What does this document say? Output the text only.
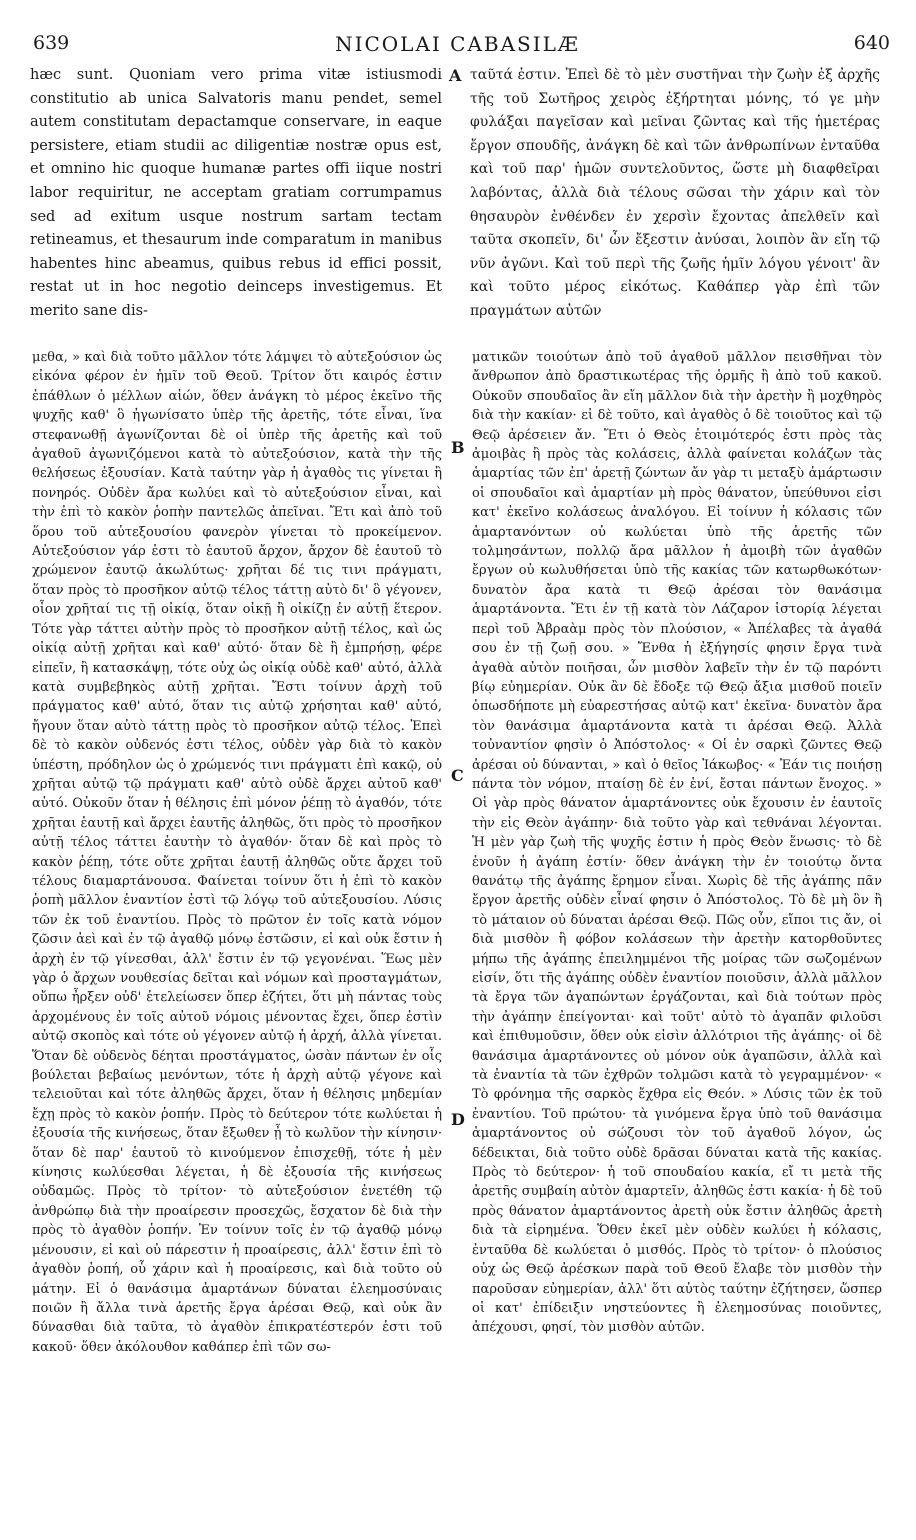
639	NICOLAI CABASILÆ	640

hæc sunt. Quoniam vero prima vitæ istiusmodi constitutio ab unica Salvatoris manu pendet, semel autem constitutam depactamque conservare, in eaque persistere, etiam studii ac diligentiæ nostræ opus est, et omnino hic quoque humanæ partes offi iique nostri labor requiritur, ne acceptam gratiam corrumpamus sed ad exitum usque nostrum sartam tectam retineamus, et thesaurum inde comparatum in manibus habentes hinc abeamus, quibus rebus id effici possit, restat ut in hoc negotio deinceps investigemus. Et merito sane dis-

A ταῦτά ἐστιν. Ἐπεὶ δὲ τὸ μὲν συστῆναι τὴν ζωὴν ἐξ ἀρχῆς τῆς τοῦ Σωτῆρος χειρὸς ἐξήρτηται μόνης, τό γε μὴν φυλάξαι παγεῖσαν καὶ μεῖναι ζῶντας καὶ τῆς ἡμετέρας ἔργον σπουδῆς, ἀνάγκη δὲ καὶ τῶν ἀνθρωπίνων ἐνταῦθα καὶ τοῦ παρ' ἡμῶν συντελοῦντος, ὥστε μὴ διαφθεῖραι λαβόντας, ἀλλὰ διὰ τέλους σῶσαι τὴν χάριν καὶ τὸν θησαυρὸν ἐνθένδεν ἐν χερσὶν ἔχοντας ἀπελθεῖν καὶ ταῦτα σκοπεῖν, δι' ὧν ἔξεστιν ἀνύσαι, λοιπὸν ἂν εἴη τῷ νῦν ἀγῶνι. Καὶ τοῦ περὶ τῆς ζωῆς ἡμῖν λόγου γένοιτ' ἂν καὶ τοῦτο μέρος εἰκότως. Καθάπερ γὰρ ἐπὶ τῶν πραγμάτων αὐτῶν

μεθα, » καὶ διὰ τοῦτο μᾶλλον τότε λάμψει τὸ αὐτεξούσιον ὡς εἰκόνα φέρον ἐν ἡμῖν τοῦ Θεοῦ. Τρίτον ὅτι καιρός ἐστιν ἐπάθλων ὁ μέλλων αἰών, ὅθεν ἀνάγκη τὸ μέρος ἐκεῖνο τῆς ψυχῆς καθ' ὃ ἠγωνίσατο ὑπὲρ τῆς ἀρετῆς, τότε εἶναι, ἵνα στεφανωθῇ ἀγωνίζονται δὲ οἱ ὑπὲρ τῆς ἀρετῆς καὶ τοῦ ἀγαθοῦ ἀγωνιζόμενοι κατὰ τὸ αὐτεξούσιον, κατὰ τὴν τῆς θελήσεως ἐξουσίαν. Κατὰ ταύτην γὰρ ἡ ἀγαθὸς τις γίνεται ἢ πονηρός. Οὐδὲν ἄρα κωλύει καὶ τὸ αὐτεξούσιον εἶναι, καὶ τὴν ἐπὶ τὸ κακὸν ῥοπὴν παντελῶς ἀπεῖναι. Ἔτι καὶ ἀπὸ τοῦ ὅρου τοῦ αὐτεξουσίου φανερὸν γίνεται τὸ προκείμενον. Αὐτεξούσιον γάρ ἐστι τὸ ἑαυτοῦ ἄρχον, ἄρχον δὲ ἑαυτοῦ τὸ χρώμενον ἑαυτῷ ἀκωλύτως· χρῆται δέ τις τινι πράγματι, ὅταν πρὸς τὸ προσῆκον αὐτῷ τέλος τάττῃ αὐτὸ δι' ὃ γέγονεν, οἷον χρῆταί τις τῇ οἰκίᾳ, ὅταν οἰκῇ ἢ οἰκίζῃ ἐν αὐτῇ ἕτερον. Τότε γὰρ τάττει αὐτὴν πρὸς τὸ προσῆκον αὐτῇ τέλος, καὶ ὡς οἰκίᾳ αὐτῇ χρῆται καὶ καθ' αὑτό· ὅταν δὲ ἢ ἐμπρήσῃ, φέρε εἰπεῖν, ἢ κατασκάψῃ, τότε οὐχ ὡς οἰκίᾳ οὐδὲ καθ' αὑτό, ἀλλὰ κατὰ συμβεβηκὸς αὐτῇ χρῆται. Ἔστι τοίνυν ἀρχὴ τοῦ πράγματος καθ' αὑτό, ὅταν τις αὐτῷ χρήσηται καθ' αὑτό, ἤγουν ὅταν αὐτὸ τάττῃ πρὸς τὸ προσῆκον αὐτῷ τέλος. Ἐπεὶ δὲ τὸ κακὸν οὐδενός ἐστι τέλος, οὐδὲν γὰρ διὰ τὸ κακὸν ὑπέστη, πρόδηλον ὡς ὁ χρώμενός τινι πράγματι ἐπὶ κακῷ, οὐ χρῆται αὐτῷ τῷ πράγματι καθ' αὑτὸ οὐδὲ ἄρχει αὐτοῦ καθ' αὑτό. Οὐκοῦν ὅταν ἡ θέλησις ἐπὶ μόνον ῥέπῃ τὸ ἀγαθόν, τότε χρῆται ἑαυτῇ καὶ ἄρχει ἑαυτῆς ἀληθῶς, ὅτι πρὸς τὸ προσῆκον αὐτῇ τέλος τάττει ἑαυτὴν τὸ ἀγαθόν· ὅταν δὲ καὶ πρὸς τὸ κακὸν ῥέπῃ, τότε οὔτε χρῆται ἑαυτῇ ἀληθῶς οὔτε ἄρχει τοῦ τέλους διαμαρτάνουσα. Φαίνεται τοίνυν ὅτι ἡ ἐπὶ τὸ κακὸν ῥοπὴ μᾶλλον ἐναντίον ἐστὶ τῷ λόγῳ τοῦ αὐτεξουσίου. Λύσις τῶν ἐκ τοῦ ἐναντίου. Πρὸς τὸ πρῶτον ἐν τοῖς κατὰ νόμον ζῶσιν ἀεὶ καὶ ἐν τῷ ἀγαθῷ μόνῳ ἑστῶσιν, εἰ καὶ οὐκ ἔστιν ἡ ἀρχὴ ἐν τῷ γίνεσθαι, ἀλλ' ἔστιν ἐν τῷ γεγονέναι. Ἕως μὲν γὰρ ὁ ἄρχων νουθεσίας δεῖται καὶ νόμων καὶ προσταγμάτων, οὔπω ἦρξεν οὐδ' ἐτελείωσεν ὅπερ ἐζήτει, ὅτι μὴ πάντας τοὺς ἀρχομένους ἐν τοῖς αὐτοῦ νόμοις μένοντας ἔχει, ὅπερ ἐστὶν αὐτῷ σκοπὸς καὶ τότε οὐ γέγονεν αὐτῷ ἡ ἀρχή, ἀλλὰ γίνεται. Ὅταν δὲ οὐδενὸς δέηται προστάγματος, ὡσὰν πάντων ἐν οἷς βούλεται βεβαίως μενόντων, τότε ἡ ἀρχὴ αὐτῷ γέγονε καὶ τελειοῦται καὶ τότε ἀληθῶς ἄρχει, ὅταν ἡ θέλησις μηδεμίαν ἔχῃ πρὸς τὸ κακὸν ῥοπήν. Πρὸς τὸ δεύτερον τότε κωλύεται ἡ ἐξουσία τῆς κινήσεως, ὅταν ἔξωθεν ᾖ τὸ κωλῦον τὴν κίνησιν· ὅταν δὲ παρ' ἑαυτοῦ τὸ κινούμενον ἐπισχεθῇ, τότε ἡ μὲν κίνησις κωλύεσθαι λέγεται, ἡ δὲ ἐξουσία τῆς κινήσεως οὐδαμῶς. Πρὸς τὸ τρίτον· τὸ αὐτεξούσιον ἐνετέθη τῷ ἀνθρώπῳ διὰ τὴν προαίρεσιν προσεχῶς, ἔσχατον δὲ διὰ τὴν πρὸς τὸ ἀγαθὸν ῥοπήν. Ἐν τοίνυν τοῖς ἐν τῷ ἀγαθῷ μόνῳ μένουσιν, εἰ καὶ οὐ πάρεστιν ἡ προαίρεσις, ἀλλ' ἔστιν ἐπὶ τὸ ἀγαθὸν ῥοπή, οὗ χάριν καὶ ἡ προαίρεσις, καὶ διὰ τοῦτο οὐ μάτην. Εἰ ὁ θανάσιμα ἁμαρτάνων δύναται ἐλεημοσύναις ποιῶν ἢ ἄλλα τινὰ ἀρετῆς ἔργα ἀρέσαι Θεῷ, καὶ οὐκ ἂν δύνασθαι διὰ ταῦτα, τὸ ἀγαθὸν ἐπικρατέστερόν ἐστι τοῦ κακοῦ· ὅθεν ἀκόλουθον καθάπερ ἐπὶ τῶν σω-

B
C
D

ματικῶν τοιούτων ἀπὸ τοῦ ἀγαθοῦ μᾶλλον πεισθῆναι τὸν ἄνθρωπον ἀπὸ δραστικωτέρας τῆς ὁρμῆς ἢ ἀπὸ τοῦ κακοῦ. Οὐκοῦν σπουδαῖος ἂν εἴη μᾶλλον διὰ τὴν ἀρετὴν ἢ μοχθηρὸς διὰ τὴν κακίαν· εἰ δὲ τοῦτο, καὶ ἀγαθὸς ὁ δὲ τοιοῦτος καὶ τῷ Θεῷ ἀρέσειεν ἄν. Ἔτι ὁ Θεὸς ἑτοιμότερός ἐστι πρὸς τὰς ἀμοιβὰς ἢ πρὸς τὰς κολάσεις, ἀλλὰ φαίνεται κολάζων τὰς ἁμαρτίας τῶν ἐπ' ἀρετῇ ζώντων ἄν γὰρ τι μεταξὺ ἁμάρτωσιν οἱ σπουδαῖοι καὶ ἁμαρτίαν μὴ πρὸς θάνατον, ὑπεύθυνοι εἰσι κατ' ἐκεῖνο κολάσεως ἀναλόγου. Εἰ τοίνυν ἡ κόλασις τῶν ἁμαρτανόντων οὐ κωλύεται ὑπὸ τῆς ἀρετῆς τῶν τολμησάντων, πολλῷ ἄρα μᾶλλον ἡ ἀμοιβὴ τῶν ἀγαθῶν ἔργων οὐ κωλυθήσεται ὑπὸ τῆς κακίας τῶν κατωρθωκότων· δυνατὸν ἄρα κατὰ τι Θεῷ ἀρέσαι τὸν θανάσιμα ἁμαρτάνοντα. Ἔτι ἐν τῇ κατὰ τὸν Λάζαρον ἱστορίᾳ λέγεται περὶ τοῦ Ἀβραὰμ πρὸς τὸν πλούσιον, « Ἀπέλαβες τὰ ἀγαθά σου ἐν τῇ ζωῇ σου. » Ἔνθα ἡ ἐξήγησίς φησιν ἔργα τινὰ ἀγαθὰ αὐτὸν ποιῆσαι, ὧν μισθὸν λαβεῖν τὴν ἐν τῷ παρόντι βίῳ εὐημερίαν. Οὐκ ἂν δὲ ἔδοξε τῷ Θεῷ ἄξια μισθοῦ ποιεῖν ὁπωσδήποτε μὴ εὐαρεστήσας αὐτῷ κατ' ἐκεῖνα· δυνατὸν ἄρα τὸν θανάσιμα ἁμαρτάνοντα κατὰ τι ἀρέσαι Θεῷ. Ἀλλὰ τοὐναντίον φησὶν ὁ Ἀπόστολος· « Οἱ ἐν σαρκὶ ζῶντες Θεῷ ἀρέσαι οὐ δύνανται, » καὶ ὁ θεῖος Ἰάκωβος· « Ἐάν τις ποιήσῃ πάντα τὸν νόμον, πταίσῃ δὲ ἐν ἑνί, ἔσται πάντων ἔνοχος. » Οἱ γὰρ πρὸς θάνατον ἁμαρτάνοντες οὐκ ἔχουσιν ἐν ἑαυτοῖς τὴν εἰς Θεὸν ἀγάπην· διὰ τοῦτο γὰρ καὶ τεθνάναι λέγονται. Ἡ μὲν γὰρ ζωὴ τῆς ψυχῆς ἐστιν ἡ πρὸς Θεὸν ἕνωσις· τὸ δὲ ἑνοῦν ἡ ἀγάπη ἐστίν· ὅθεν ἀνάγκη τὴν ἐν τοιούτῳ ὄντα θανάτῳ τῆς ἀγάπης ἔρημον εἶναι. Χωρὶς δὲ τῆς ἀγάπης πᾶν ἔργον ἀρετῆς οὐδὲν εἶναί φησιν ὁ Ἀπόστολος. Τὸ δὲ μὴ ὂν ἢ τὸ μάταιον οὐ δύναται ἀρέσαι Θεῷ. Πῶς οὖν, εἴποι τις ἄν, οἱ διὰ μισθὸν ἢ φόβον κολάσεων τὴν ἀρετὴν κατορθοῦντες μήπω τῆς ἀγάπης ἐπειλημμένοι τῆς μοίρας τῶν σωζομένων εἰσίν, ὅτι τῆς ἀγάπης οὐδὲν ἐναντίον ποιοῦσιν, ἀλλὰ μᾶλλον τὰ ἔργα τῶν ἀγαπώντων ἐργάζονται, καὶ διὰ τούτων πρὸς τὴν ἀγάπην ἐπείγονται· καὶ τοῦτ' αὐτὸ τὸ ἀγαπᾶν φιλοῦσι καὶ ἐπιθυμοῦσιν, ὅθεν οὐκ εἰσὶν ἀλλότριοι τῆς ἀγάπης· οἱ δὲ θανάσιμα ἁμαρτάνοντες οὐ μόνον οὐκ ἀγαπῶσιν, ἀλλὰ καὶ τὰ ἐναντία τὰ τῶν ἐχθρῶν τολμῶσι κατὰ τὸ γεγραμμένον· « Τὸ φρόνημα τῆς σαρκὸς ἔχθρα εἰς Θεόν. » Λύσις τῶν ἐκ τοῦ ἐναντίου. Τοῦ πρώτου· τὰ γινόμενα ἔργα ὑπὸ τοῦ θανάσιμα ἁμαρτάνοντος οὐ σώζουσι τὸν τοῦ ἀγαθοῦ λόγον, ὡς δέδεικται, διὰ τοῦτο οὐδὲ δρᾶσαι δύναται κατὰ τῆς κακίας. Πρὸς τὸ δεύτερον· ἡ τοῦ σπουδαίου κακία, εἴ τι μετὰ τῆς ἀρετῆς συμβαίη αὐτὸν ἁμαρτεῖν, ἀληθῶς ἐστι κακία· ἡ δὲ τοῦ πρὸς θάνατον ἁμαρτάνοντος ἀρετὴ οὐκ ἔστιν ἀληθῶς ἀρετὴ διὰ τὰ εἰρημένα. Ὅθεν ἐκεῖ μὲν οὐδὲν κωλύει ἡ κόλασις, ἐνταῦθα δὲ κωλύεται ὁ μισθός. Πρὸς τὸ τρίτον· ὁ πλούσιος οὐχ ὡς Θεῷ ἀρέσκων παρὰ τοῦ Θεοῦ ἔλαβε τὸν μισθὸν τὴν παροῦσαν εὐημερίαν, ἀλλ' ὅτι αὐτὸς ταύτην ἐζήτησεν, ὥσπερ οἱ κατ' ἐπίδειξιν νηστεύοντες ἢ ἐλεημοσύνας ποιοῦντες, ἀπέχουσι, φησί, τὸν μισθὸν αὐτῶν.
